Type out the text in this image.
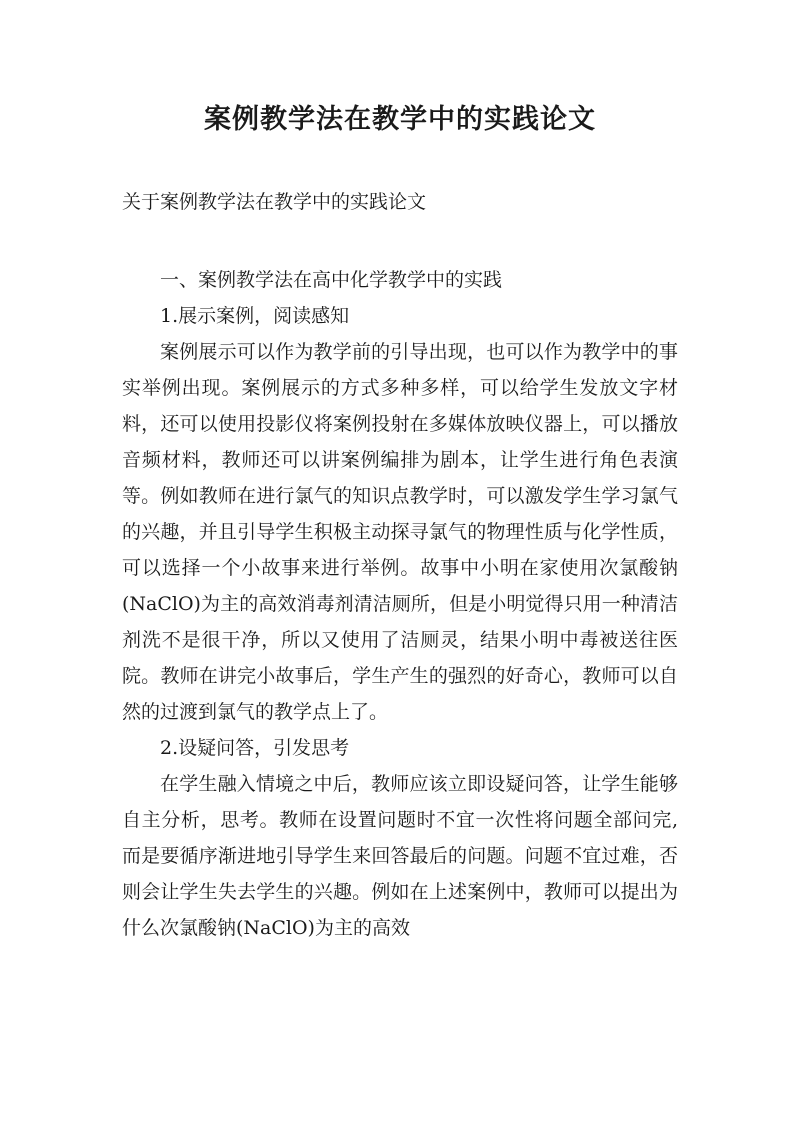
案例教学法在教学中的实践论文

关于案例教学法在教学中的实践论文

一、案例教学法在高中化学教学中的实践

1.展示案例，阅读感知

案例展示可以作为教学前的引导出现，也可以作为教学中的事实举例出现。案例展示的方式多种多样，可以给学生发放文字材料，还可以使用投影仪将案例投射在多媒体放映仪器上，可以播放音频材料，教师还可以讲案例编排为剧本，让学生进行角色表演等。例如教师在进行氯气的知识点教学时，可以激发学生学习氯气的兴趣，并且引导学生积极主动探寻氯气的物理性质与化学性质，可以选择一个小故事来进行举例。故事中小明在家使用次氯酸钠(NaClO)为主的高效消毒剂清洁厕所，但是小明觉得只用一种清洁剂洗不是很干净，所以又使用了洁厕灵，结果小明中毒被送往医院。教师在讲完小故事后，学生产生的强烈的好奇心，教师可以自然的过渡到氯气的教学点上了。

2.设疑问答，引发思考

在学生融入情境之中后，教师应该立即设疑问答，让学生能够自主分析，思考。教师在设置问题时不宜一次性将问题全部问完,而是要循序渐进地引导学生来回答最后的问题。问题不宜过难，否则会让学生失去学生的兴趣。例如在上述案例中，教师可以提出为什么次氯酸钠(NaClO)为主的高效
